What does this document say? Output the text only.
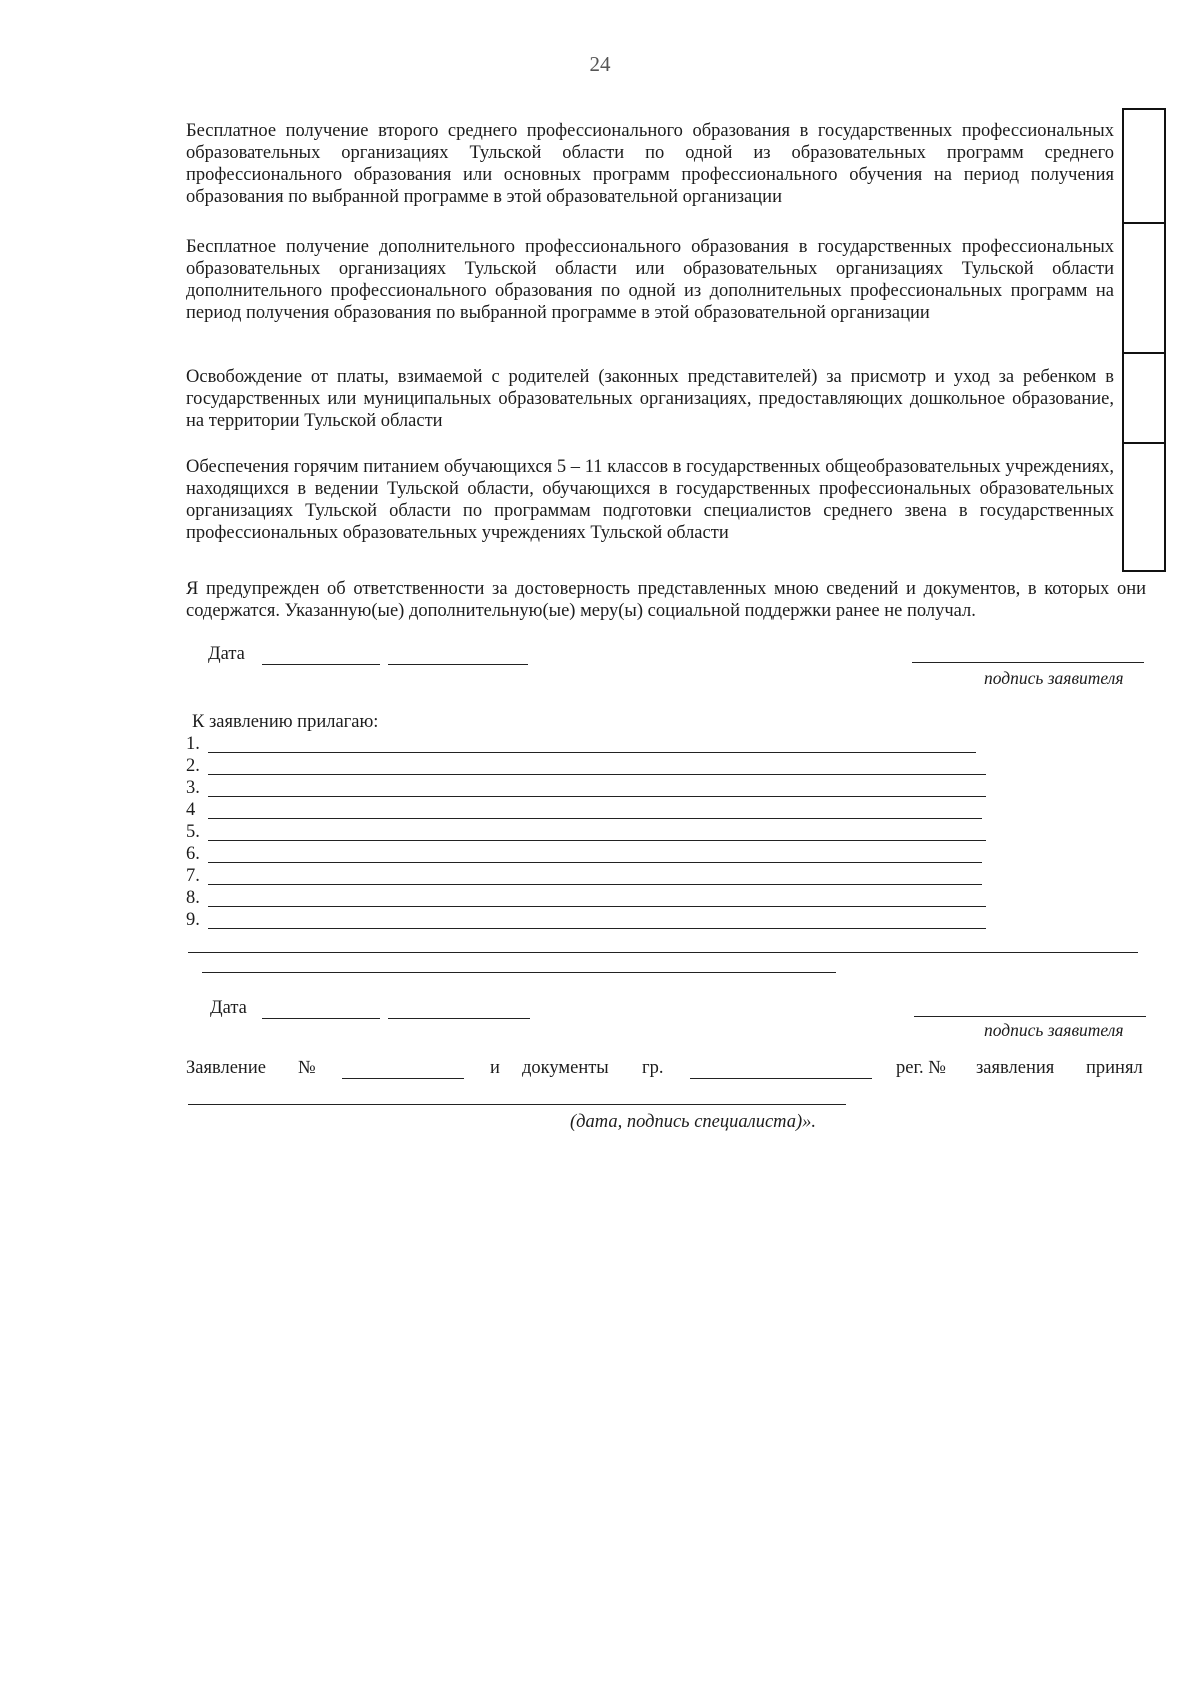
24
Бесплатное получение второго среднего профессионального образования в государственных профессиональных образовательных организациях Тульской области по одной из образовательных программ среднего профессионального образования или основных программ профессионального обучения на период получения образования по выбранной программе в этой образовательной организации
Бесплатное получение дополнительного профессионального образования в государственных профессиональных образовательных организациях Тульской области или образовательных организациях Тульской области дополнительного профессионального образования по одной из дополнительных профессиональных программ на период получения образования по выбранной программе в этой образовательной организации
Освобождение от платы, взимаемой с родителей (законных представителей) за присмотр и уход за ребенком в государственных или муниципальных образовательных организациях, предоставляющих дошкольное образование, на территории Тульской области
Обеспечения горячим питанием обучающихся 5 – 11 классов в государственных общеобразовательных учреждениях, находящихся в ведении Тульской области, обучающихся в государственных профессиональных образовательных организациях Тульской области по программам подготовки специалистов среднего звена в государственных профессиональных образовательных учреждениях Тульской области
Я предупрежден об ответственности за достоверность представленных мною сведений и документов, в которых они содержатся. Указанную(ые) дополнительную(ые) меру(ы) социальной поддержки ранее не получал.
Дата
подпись заявителя
К заявлению прилагаю:
1.
2.
3.
4
5.
6.
7.
8.
9.
Дата
подпись заявителя
Заявление №	и документы гр.	рег. № заявления принял
(дата, подпись специалиста)».
